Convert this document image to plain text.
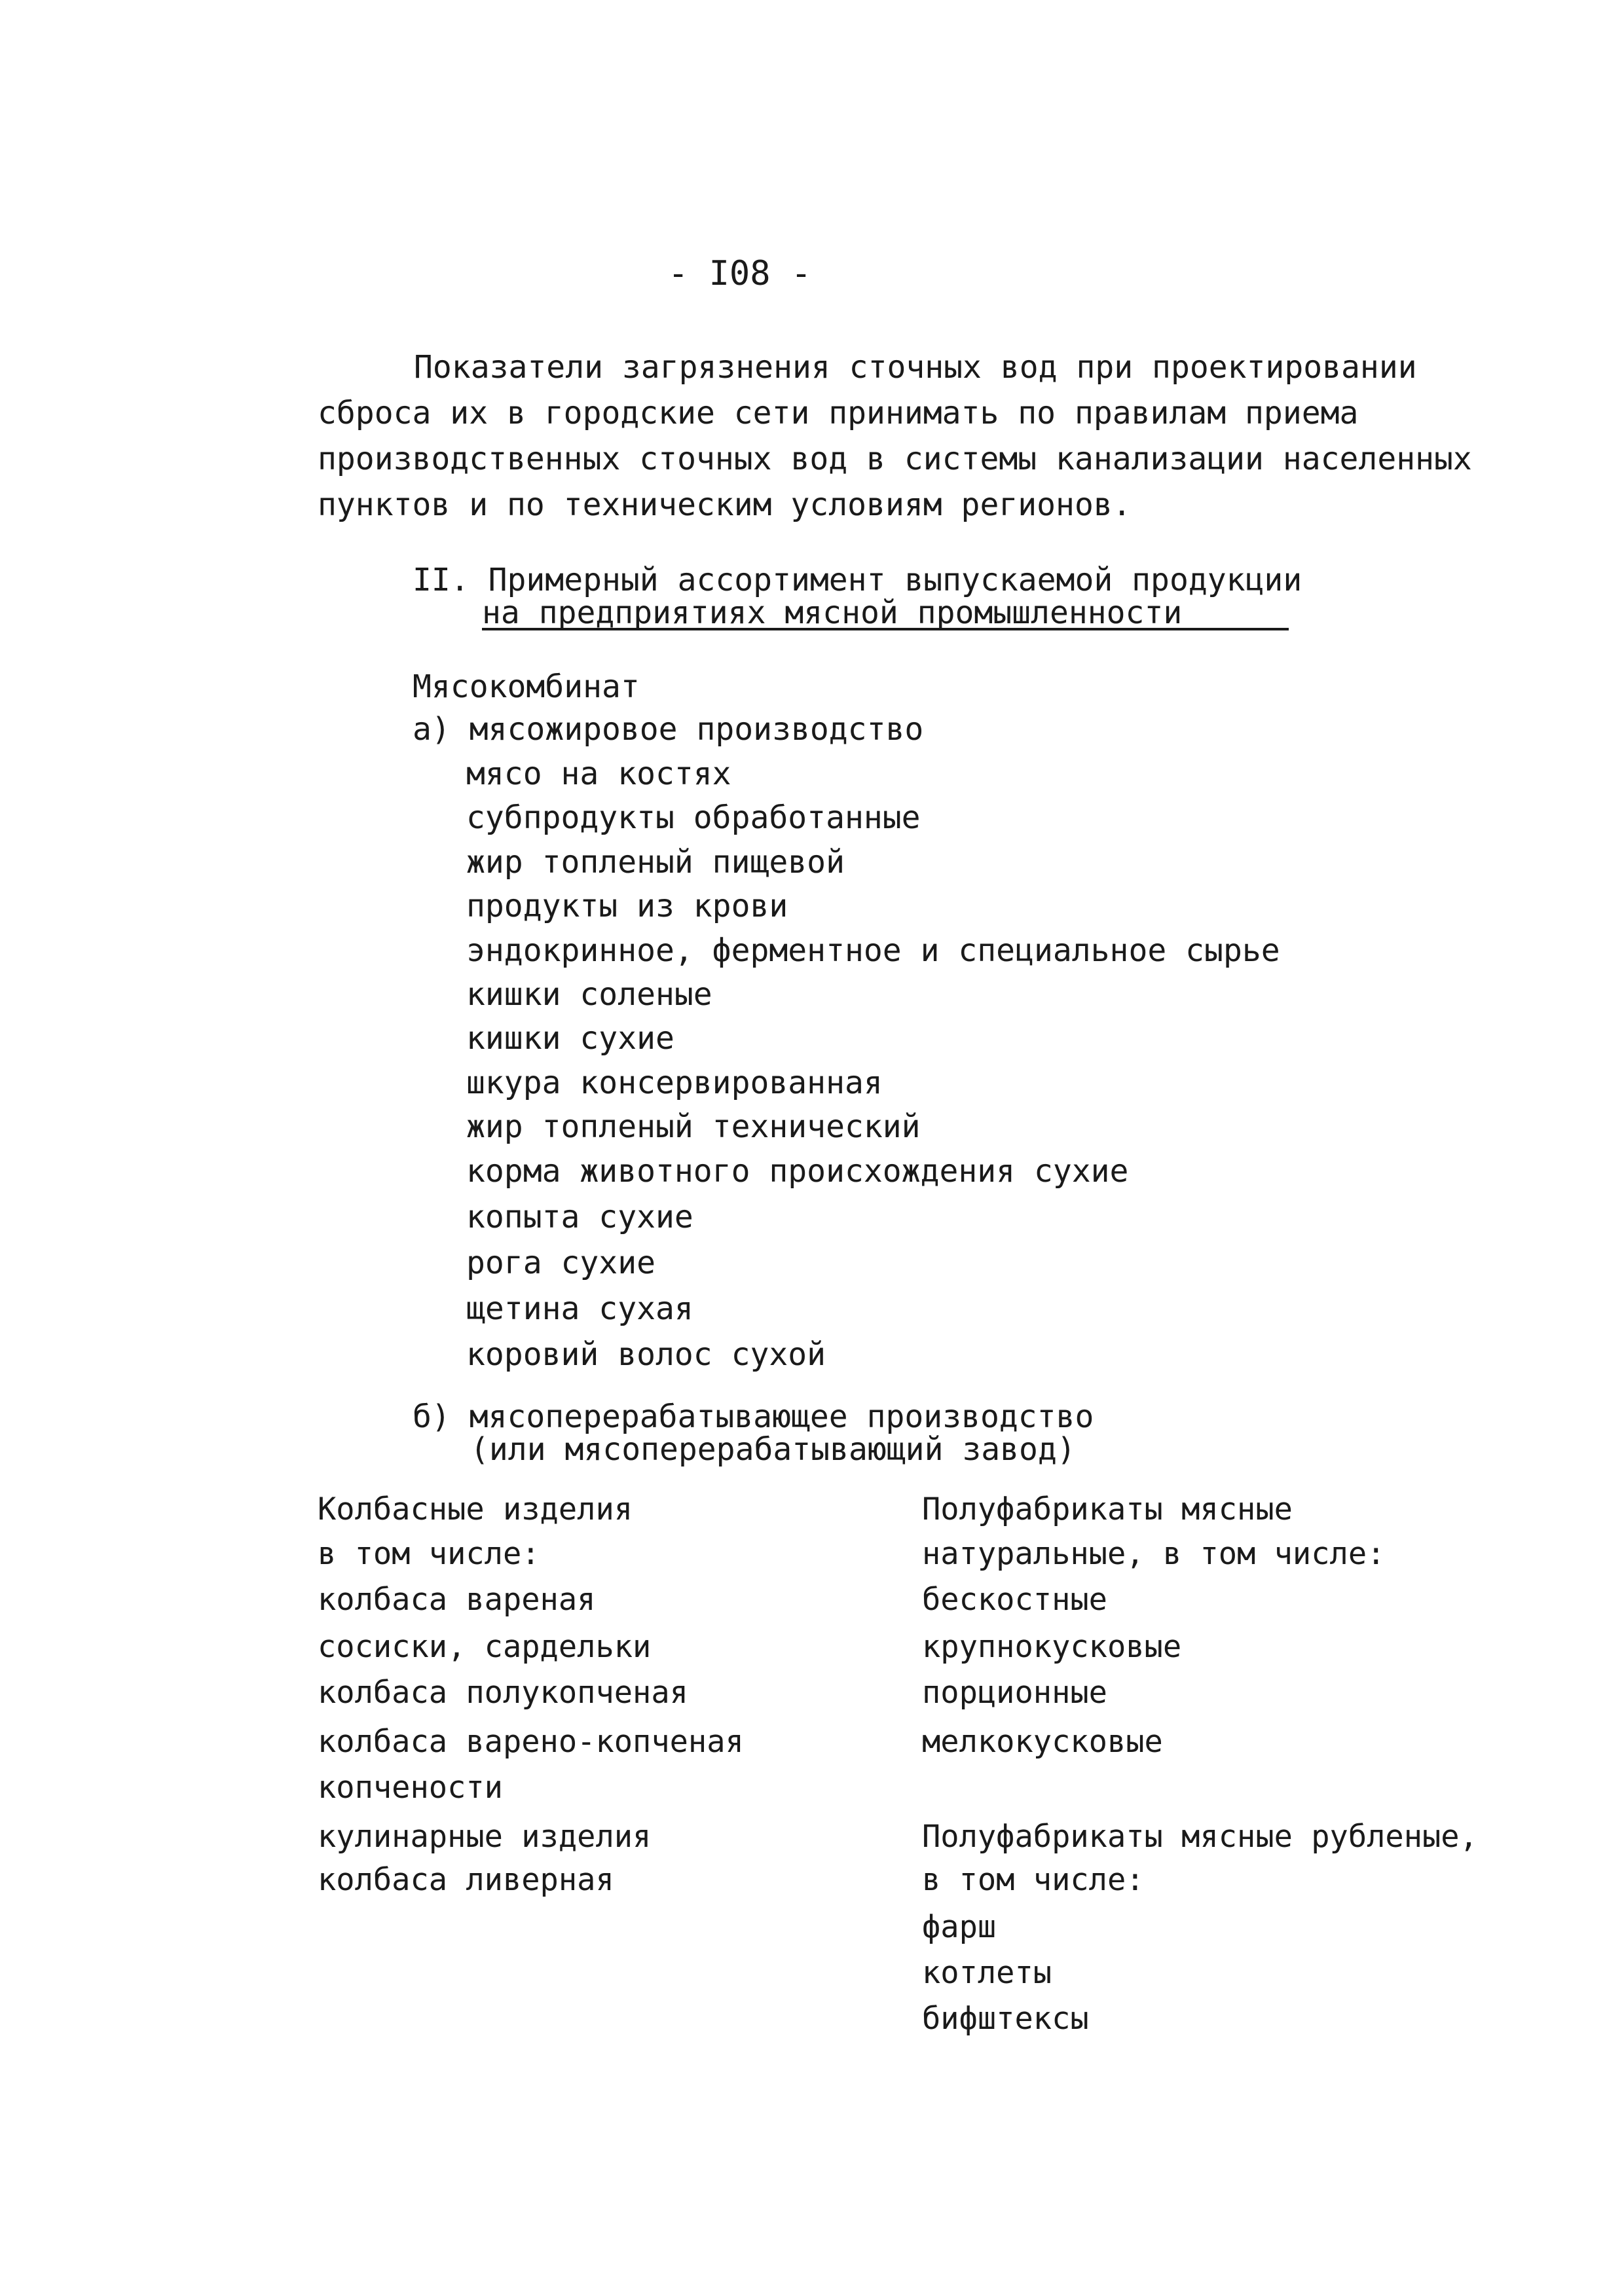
- I08 -
Показатели загрязнения сточных вод при проектировании
сброса их в городские сети принимать по правилам приема
производственных сточных вод в системы канализации населенных
пунктов и по техническим условиям регионов.
II. Примерный ассортимент выпускаемой продукции
на предприятиях мясной промышленности
Мясокомбинат
а) мясожировое производство
мясо на костях
субпродукты обработанные
жир топленый пищевой
продукты из крови
эндокринное, ферментное и специальное сырье
кишки соленые
кишки сухие
шкура консервированная
жир топленый технический
корма животного происхождения сухие
копыта сухие
рога сухие
щетина сухая
коровий волос сухой
б) мясоперерабатывающее производство
(или мясоперерабатывающий завод)
Колбасные изделия
в том числе:
колбаса вареная
сосиски, сардельки
колбаса полукопченая
колбаса варено-копченая
копчености
кулинарные изделия
колбаса ливерная
Полуфабрикаты мясные
натуральные, в том числе:
бескостные
крупнокусковые
порционные
мелкокусковые
Полуфабрикаты мясные рубленые,
в том числе:
фарш
котлеты
бифштексы
